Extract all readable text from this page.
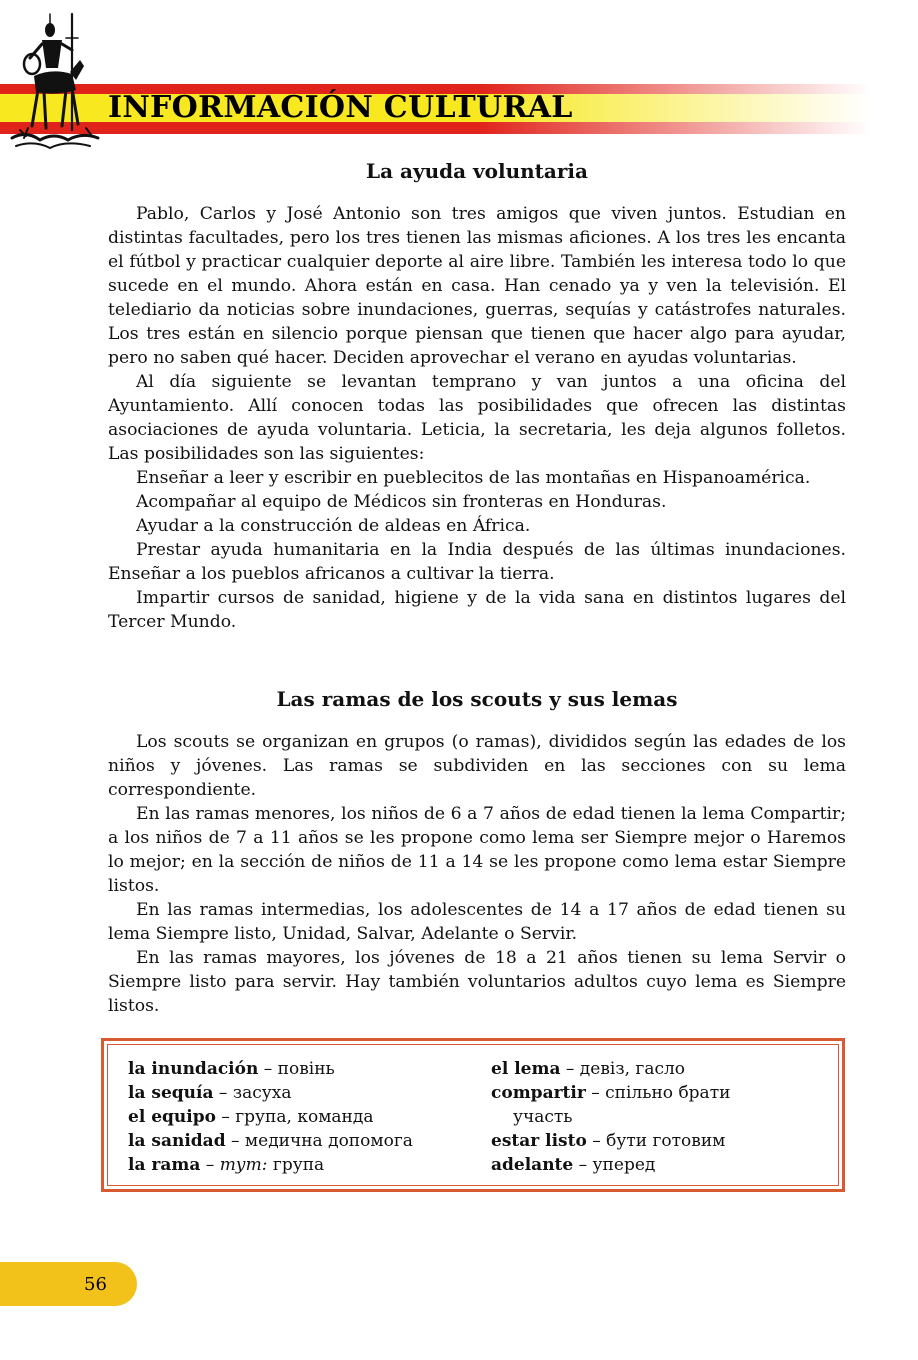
INFORMACIÓN CULTURAL
La ayuda voluntaria

Pablo, Carlos y José Antonio son tres amigos que viven juntos. Estudian en distintas facultades, pero los tres tienen las mismas aficiones. A los tres les encanta el fútbol y practicar cualquier deporte al aire libre. También les interesa todo lo que sucede en el mundo. Ahora están en casa. Han cenado ya y ven la televisión. El telediario da noticias sobre inundaciones, guerras, sequías y catástrofes naturales. Los tres están en silencio porque piensan que tienen que hacer algo para ayudar, pero no saben qué hacer. Deciden aprovechar el verano en ayudas voluntarias.

Al día siguiente se levantan temprano y van juntos a una oficina del Ayuntamiento. Allí conocen todas las posibilidades que ofrecen las distintas asociaciones de ayuda voluntaria. Leticia, la secretaria, les deja algunos folletos. Las posibilidades son las siguientes:

Enseñar a leer y escribir en pueblecitos de las montañas en Hispanoamérica.

Acompañar al equipo de Médicos sin fronteras en Honduras.

Ayudar a la construcción de aldeas en África.

Prestar ayuda humanitaria en la India después de las últimas inundaciones. Enseñar a los pueblos africanos a cultivar la tierra.

Impartir cursos de sanidad, higiene y de la vida sana en distintos lugares del Tercer Mundo.

Las ramas de los scouts y sus lemas

Los scouts se organizan en grupos (o ramas), divididos según las edades de los niños y jóvenes. Las ramas se subdividen en las secciones con su lema correspondiente.

En las ramas menores, los niños de 6 a 7 años de edad tienen la lema Compartir; a los niños de 7 a 11 años se les propone como lema ser Siempre mejor o Haremos lo mejor; en la sección de niños de 11 a 14 se les propone como lema estar Siempre listos.

En las ramas intermedias, los adolescentes de 14 a 17 años de edad tienen su lema Siempre listo, Unidad, Salvar, Adelante o Servir.

En las ramas mayores, los jóvenes de 18 a 21 años tienen su lema Servir o Siempre listo para servir. Hay también voluntarios adultos cuyo lema es Siempre listos.

la inundación – повінь
la sequía – засуха
el equipo – група, команда
la sanidad – медична допомога
la rama – тут: група
el lema – девіз, гасло
compartir – спільно брати
участь
estar listo – бути готовим
adelante – уперед
56
